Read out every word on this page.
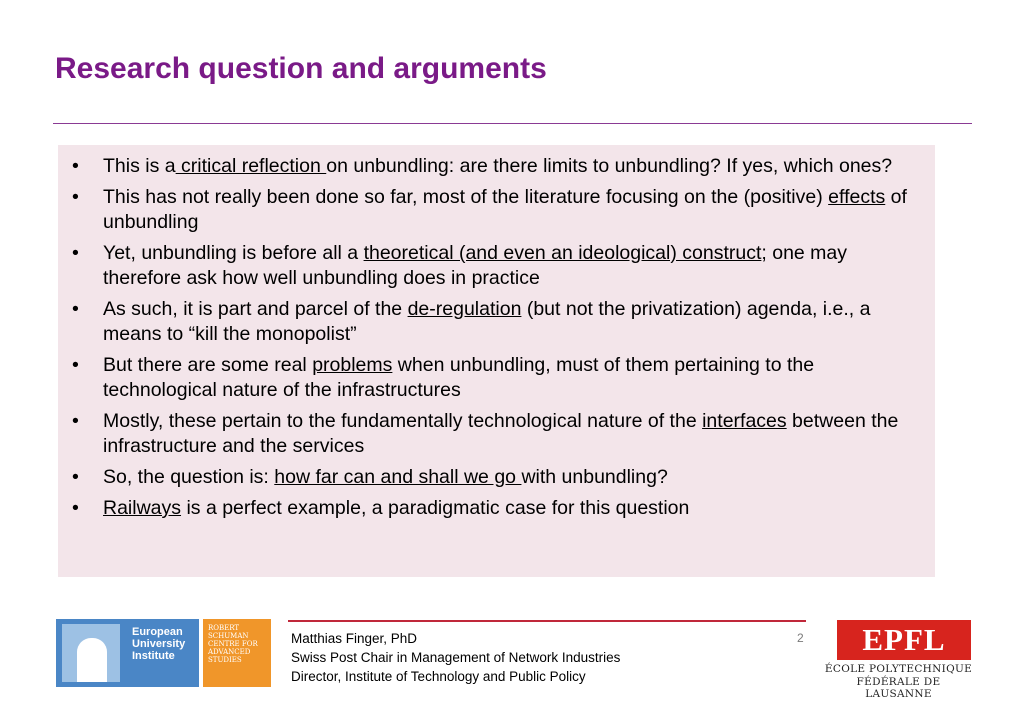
Research question and arguments
• This is a critical reflection on unbundling: are there limits to unbundling? If yes, which ones?
• This has not really been done so far, most of the literature focusing on the (positive) effects of unbundling
• Yet, unbundling is before all a theoretical (and even an ideological) construct; one may therefore ask how well unbundling does in practice
• As such, it is part and parcel of the de-regulation (but not the privatization) agenda, i.e., a means to “kill the monopolist”
• But there are some real problems when unbundling, must of them pertaining to the technological nature of the infrastructures
• Mostly, these pertain to the fundamentally technological nature of the interfaces between the infrastructure and the services
• So, the question is: how far can and shall we go with unbundling?
• Railways is a perfect example, a paradigmatic case for this question
European
University
Institute
ROBERT
SCHUMAN
CENTRE FOR
ADVANCED
STUDIES
Matthias Finger, PhD
Swiss Post Chair in Management of Network Industries
Director, Institute of Technology and Public Policy
2	EPFL
ÉCOLE POLYTECHNIQUE
FÉDÉRALE DE LAUSANNE
